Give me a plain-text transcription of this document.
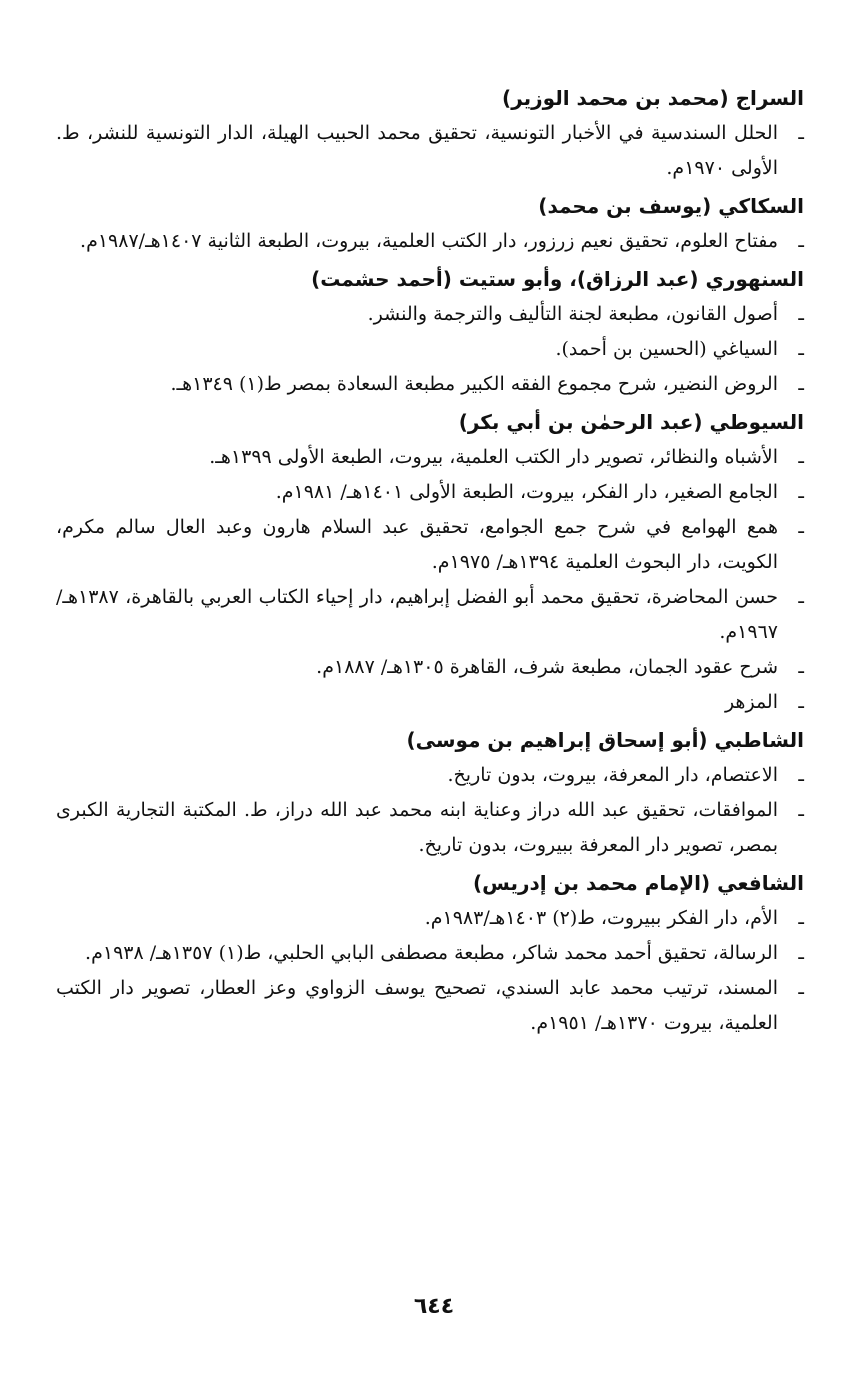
السراج (محمد بن محمد الوزير)

ـ
الحلل السندسية في الأخبار التونسية، تحقيق محمد الحبيب الهيلة، الدار التونسية للنشر، ط. الأولى ١٩٧٠م.

السكاكي (يوسف بن محمد)

ـ
مفتاح العلوم، تحقيق نعيم زرزور، دار الكتب العلمية، بيروت، الطبعة الثانية ١٤٠٧هـ/١٩٨٧م.

السنهوري (عبد الرزاق)، وأبو ستيت (أحمد حشمت)

ـ
أصول القانون، مطبعة لجنة التأليف والترجمة والنشر.

ـ
السياغي (الحسين بن أحمد).

ـ
الروض النضير، شرح مجموع الفقه الكبير مطبعة السعادة بمصر ط(١) ١٣٤٩هـ.

السيوطي (عبد الرحمٰن بن أبي بكر)

ـ
الأشباه والنظائر، تصوير دار الكتب العلمية، بيروت، الطبعة الأولى ١٣٩٩هـ.

ـ
الجامع الصغير، دار الفكر، بيروت، الطبعة الأولى ١٤٠١هـ/ ١٩٨١م.

ـ
همع الهوامع في شرح جمع الجوامع، تحقيق عبد السلام هارون وعبد العال سالم مكرم، الكويت، دار البحوث العلمية ١٣٩٤هـ/ ١٩٧٥م.

ـ
حسن المحاضرة، تحقيق محمد أبو الفضل إبراهيم، دار إحياء الكتاب العربي بالقاهرة، ١٣٨٧هـ/ ١٩٦٧م.

ـ
شرح عقود الجمان، مطبعة شرف، القاهرة ١٣٠٥هـ/ ١٨٨٧م.

ـ
المزهر

الشاطبي (أبو إسحاق إبراهيم بن موسى)

ـ
الاعتصام، دار المعرفة، بيروت، بدون تاريخ.

ـ
الموافقات، تحقيق عبد الله دراز وعناية ابنه محمد عبد الله دراز، ط. المكتبة التجارية الكبرى بمصر، تصوير دار المعرفة ببيروت، بدون تاريخ.

الشافعي (الإمام محمد بن إدريس)

ـ
الأم، دار الفكر ببيروت، ط(٢) ١٤٠٣هـ/١٩٨٣م.

ـ
الرسالة، تحقيق أحمد محمد شاكر، مطبعة مصطفى البابي الحلبي، ط(١) ١٣٥٧هـ/ ١٩٣٨م.

ـ
المسند، ترتيب محمد عابد السندي، تصحيح يوسف الزواوي وعز العطار، تصوير دار الكتب العلمية، بيروت ١٣٧٠هـ/ ١٩٥١م.

٦٤٤
